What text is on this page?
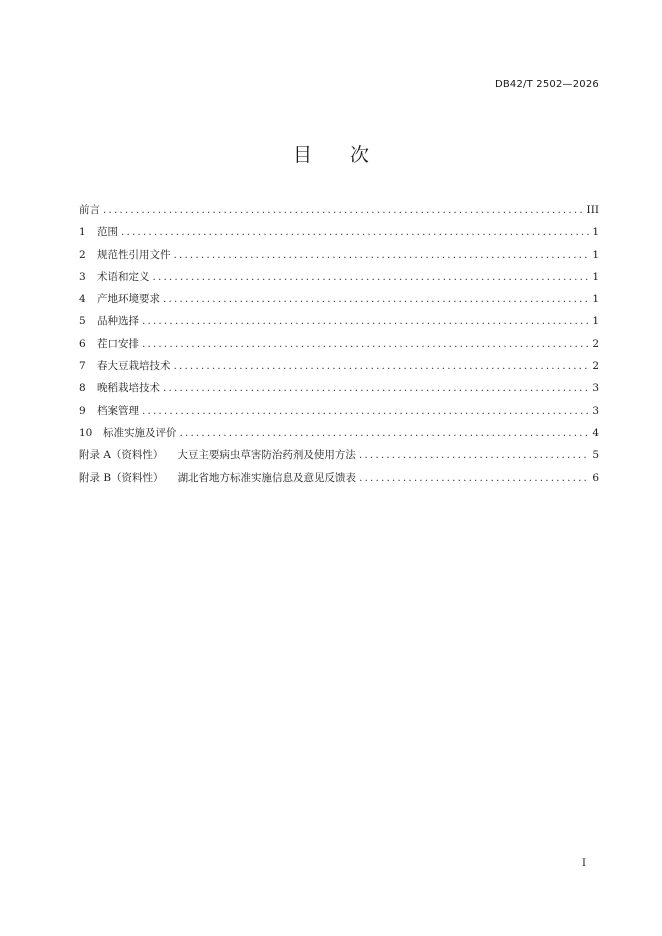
DB42/T 2502—2026
目 次
前言 . . .	III
1	范围 . . .	1
2	规范性引用文件 . . .	1
3	术语和定义 . . .	1
4	产地环境要求 . . .	1
5	品种选择 . . .	1
6	茬口安排 . . .	2
7	春大豆栽培技术 . . .	2
8	晚稻栽培技术 . . .	3
9	档案管理 . . .	3
10	标准实施及评价 . . .	4
附录 A（资料性）	大豆主要病虫草害防治药剂及使用方法 . . .	5
附录 B（资料性）	湖北省地方标准实施信息及意见反馈表 . . .	6
I
